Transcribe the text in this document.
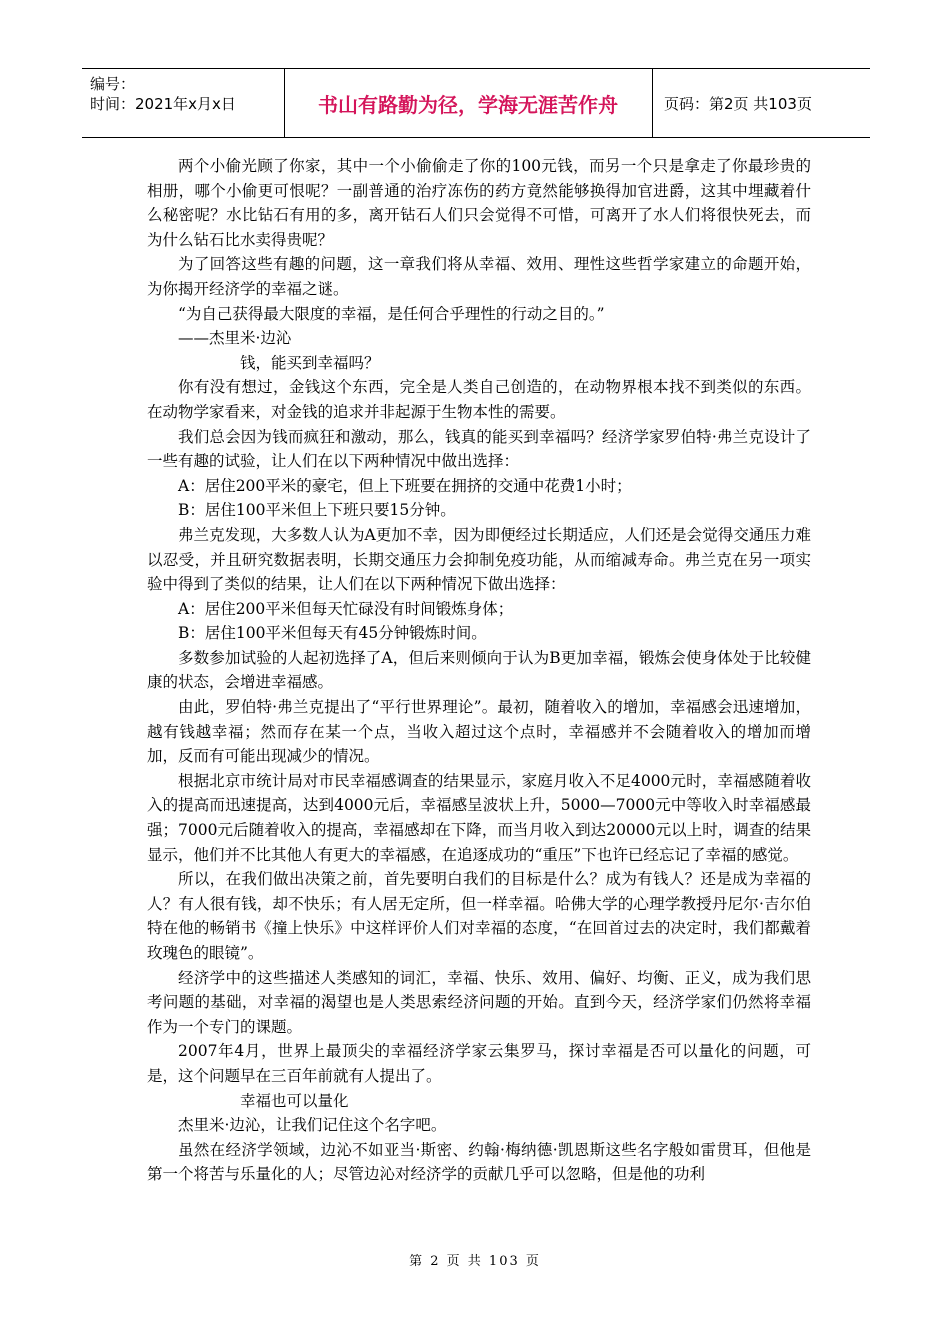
编号：
时间：2021年x月x日	书山有路勤为径，学海无涯苦作舟	页码：第2页 共103页

两个小偷光顾了你家，其中一个小偷偷走了你的100元钱，而另一个只是拿走了你最珍贵的相册，哪个小偷更可恨呢？一副普通的治疗冻伤的药方竟然能够换得加官进爵，这其中埋藏着什么秘密呢？水比钻石有用的多，离开钻石人们只会觉得不可惜，可离开了水人们将很快死去，而为什么钻石比水卖得贵呢？

为了回答这些有趣的问题，这一章我们将从幸福、效用、理性这些哲学家建立的命题开始，为你揭开经济学的幸福之谜。

“为自己获得最大限度的幸福，是任何合乎理性的行动之目的。”

——杰里米·边沁

钱，能买到幸福吗？

你有没有想过，金钱这个东西，完全是人类自己创造的，在动物界根本找不到类似的东西。在动物学家看来，对金钱的追求并非起源于生物本性的需要。

我们总会因为钱而疯狂和激动，那么，钱真的能买到幸福吗？经济学家罗伯特·弗兰克设计了一些有趣的试验，让人们在以下两种情况中做出选择：

A：居住200平米的豪宅，但上下班要在拥挤的交通中花费1小时；

B：居住100平米但上下班只要15分钟。

弗兰克发现，大多数人认为A更加不幸，因为即便经过长期适应，人们还是会觉得交通压力难以忍受，并且研究数据表明，长期交通压力会抑制免疫功能，从而缩减寿命。弗兰克在另一项实验中得到了类似的结果，让人们在以下两种情况下做出选择：

A：居住200平米但每天忙碌没有时间锻炼身体；

B：居住100平米但每天有45分钟锻炼时间。

多数参加试验的人起初选择了A，但后来则倾向于认为B更加幸福，锻炼会使身体处于比较健康的状态，会增进幸福感。

由此，罗伯特·弗兰克提出了“平行世界理论”。最初，随着收入的增加，幸福感会迅速增加，越有钱越幸福；然而存在某一个点，当收入超过这个点时，幸福感并不会随着收入的增加而增加，反而有可能出现减少的情况。

根据北京市统计局对市民幸福感调查的结果显示，家庭月收入不足4000元时，幸福感随着收入的提高而迅速提高，达到4000元后，幸福感呈波状上升，5000—7000元中等收入时幸福感最强；7000元后随着收入的提高，幸福感却在下降，而当月收入到达20000元以上时，调查的结果显示，他们并不比其他人有更大的幸福感，在追逐成功的“重压”下也许已经忘记了幸福的感觉。

所以，在我们做出决策之前，首先要明白我们的目标是什么？成为有钱人？还是成为幸福的人？有人很有钱，却不快乐；有人居无定所，但一样幸福。哈佛大学的心理学教授丹尼尔·吉尔伯特在他的畅销书《撞上快乐》中这样评价人们对幸福的态度，“在回首过去的决定时，我们都戴着玫瑰色的眼镜”。

经济学中的这些描述人类感知的词汇，幸福、快乐、效用、偏好、均衡、正义，成为我们思考问题的基础，对幸福的渴望也是人类思索经济问题的开始。直到今天，经济学家们仍然将幸福作为一个专门的课题。

2007年4月，世界上最顶尖的幸福经济学家云集罗马，探讨幸福是否可以量化的问题，可是，这个问题早在三百年前就有人提出了。

幸福也可以量化

杰里米·边沁，让我们记住这个名字吧。

虽然在经济学领域，边沁不如亚当·斯密、约翰·梅纳德·凯恩斯这些名字般如雷贯耳，但他是第一个将苦与乐量化的人；尽管边沁对经济学的贡献几乎可以忽略，但是他的功利

第 2 页 共 103 页
